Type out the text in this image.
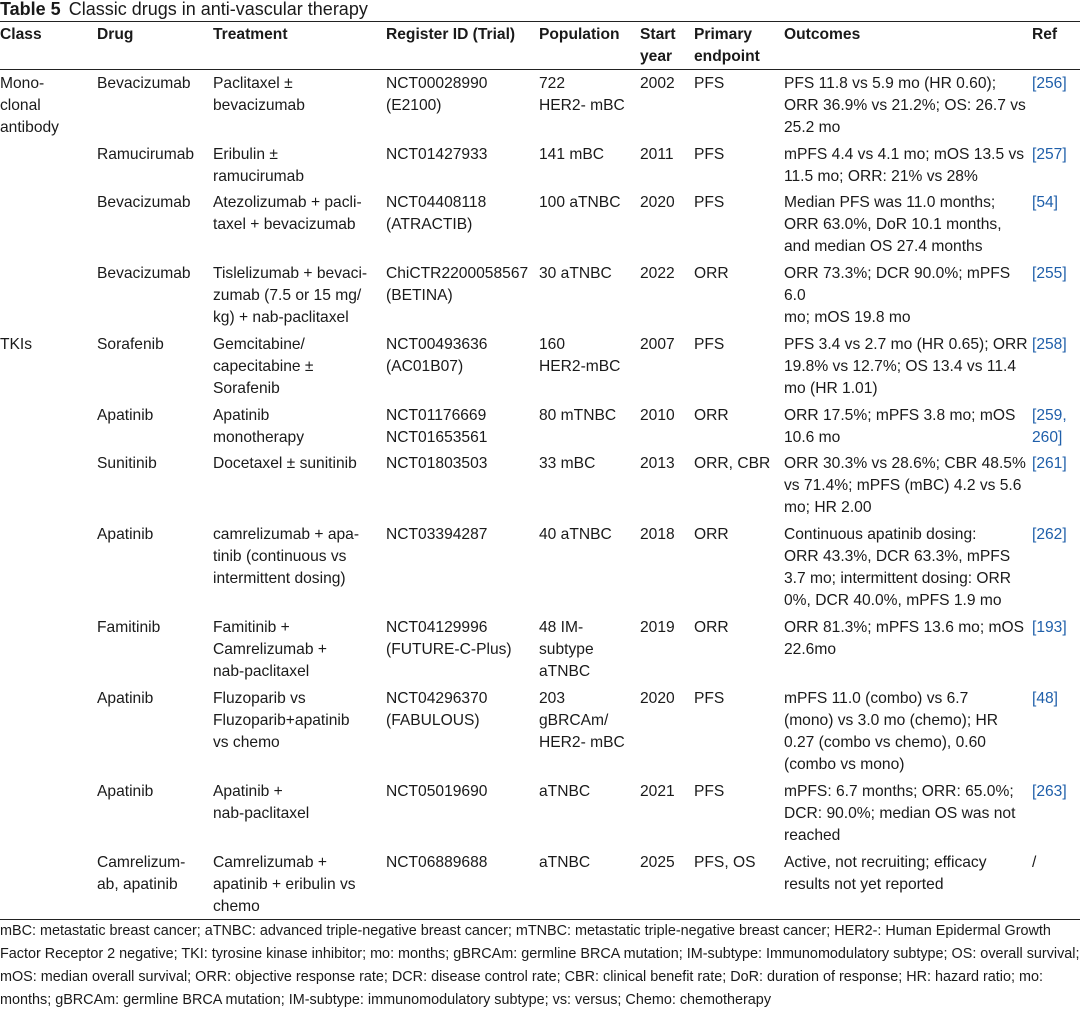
Table 5 Classic drugs in anti-vascular therapy
Class	Drug	Treatment	Register ID (Trial)	Population	Start
year	Primary
endpoint	Outcomes	Ref
Mono-
clonal
antibody	Bevacizumab	Paclitaxel ±
bevacizumab	NCT00028990
(E2100)	722
HER2- mBC	2002	PFS	PFS 11.8 vs 5.9 mo (HR 0.60);
ORR 36.9% vs 21.2%; OS: 26.7 vs
25.2 mo	[256]
	Ramucirumab	Eribulin ±
ramucirumab	NCT01427933	141 mBC	2011	PFS	mPFS 4.4 vs 4.1 mo; mOS 13.5 vs
11.5 mo; ORR: 21% vs 28%	[257]
	Bevacizumab	Atezolizumab + pacli-
taxel + bevacizumab	NCT04408118
(ATRACTIB)	100 aTNBC	2020	PFS	Median PFS was 11.0 months;
ORR 63.0%, DoR 10.1 months,
and median OS 27.4 months	[54]
	Bevacizumab	Tislelizumab + bevaci-
zumab (7.5 or 15 mg/
kg) + nab-paclitaxel	ChiCTR2200058567
(BETINA)	30 aTNBC	2022	ORR	ORR 73.3%; DCR 90.0%; mPFS 6.0
mo; mOS 19.8 mo	[255]
TKIs	Sorafenib	Gemcitabine/
capecitabine ±
Sorafenib	NCT00493636
(AC01B07)	160
HER2-mBC	2007	PFS	PFS 3.4 vs 2.7 mo (HR 0.65); ORR
19.8% vs 12.7%; OS 13.4 vs 11.4
mo (HR 1.01)	[258]
	Apatinib	Apatinib
monotherapy	NCT01176669
NCT01653561	80 mTNBC	2010	ORR	ORR 17.5%; mPFS 3.8 mo; mOS
10.6 mo	[259,
260]
	Sunitinib	Docetaxel ± sunitinib	NCT01803503	33 mBC	2013	ORR, CBR	ORR 30.3% vs 28.6%; CBR 48.5%
vs 71.4%; mPFS (mBC) 4.2 vs 5.6
mo; HR 2.00	[261]
	Apatinib	camrelizumab + apa-
tinib (continuous vs
intermittent dosing)	NCT03394287	40 aTNBC	2018	ORR	Continuous apatinib dosing:
ORR 43.3%, DCR 63.3%, mPFS
3.7 mo; intermittent dosing: ORR
0%, DCR 40.0%, mPFS 1.9 mo	[262]
	Famitinib	Famitinib +
Camrelizumab +
nab-paclitaxel	NCT04129996
(FUTURE-C-Plus)	48 IM-
subtype
aTNBC	2019	ORR	ORR 81.3%; mPFS 13.6 mo; mOS
22.6mo	[193]
	Apatinib	Fluzoparib vs
Fluzoparib+apatinib
vs chemo	NCT04296370
(FABULOUS)	203
gBRCAm/
HER2- mBC	2020	PFS	mPFS 11.0 (combo) vs 6.7
(mono) vs 3.0 mo (chemo); HR
0.27 (combo vs chemo), 0.60
(combo vs mono)	[48]
	Apatinib	Apatinib +
nab-paclitaxel	NCT05019690	aTNBC	2021	PFS	mPFS: 6.7 months; ORR: 65.0%;
DCR: 90.0%; median OS was not
reached	[263]
	Camrelizum-
ab, apatinib	Camrelizumab +
apatinib + eribulin vs
chemo	NCT06889688	aTNBC	2025	PFS, OS	Active, not recruiting; efficacy
results not yet reported	/

mBC: metastatic breast cancer; aTNBC: advanced triple-negative breast cancer; mTNBC: metastatic triple-negative breast cancer; HER2-: Human Epidermal Growth Factor Receptor 2 negative; TKI: tyrosine kinase inhibitor; mo: months; gBRCAm: germline BRCA mutation; IM-subtype: Immunomodulatory subtype; OS: overall survival; mOS: median overall survival; ORR: objective response rate; DCR: disease control rate; CBR: clinical benefit rate; DoR: duration of response; HR: hazard ratio; mo: months; gBRCAm: germline BRCA mutation; IM-subtype: immunomodulatory subtype; vs: versus; Chemo: chemotherapy
